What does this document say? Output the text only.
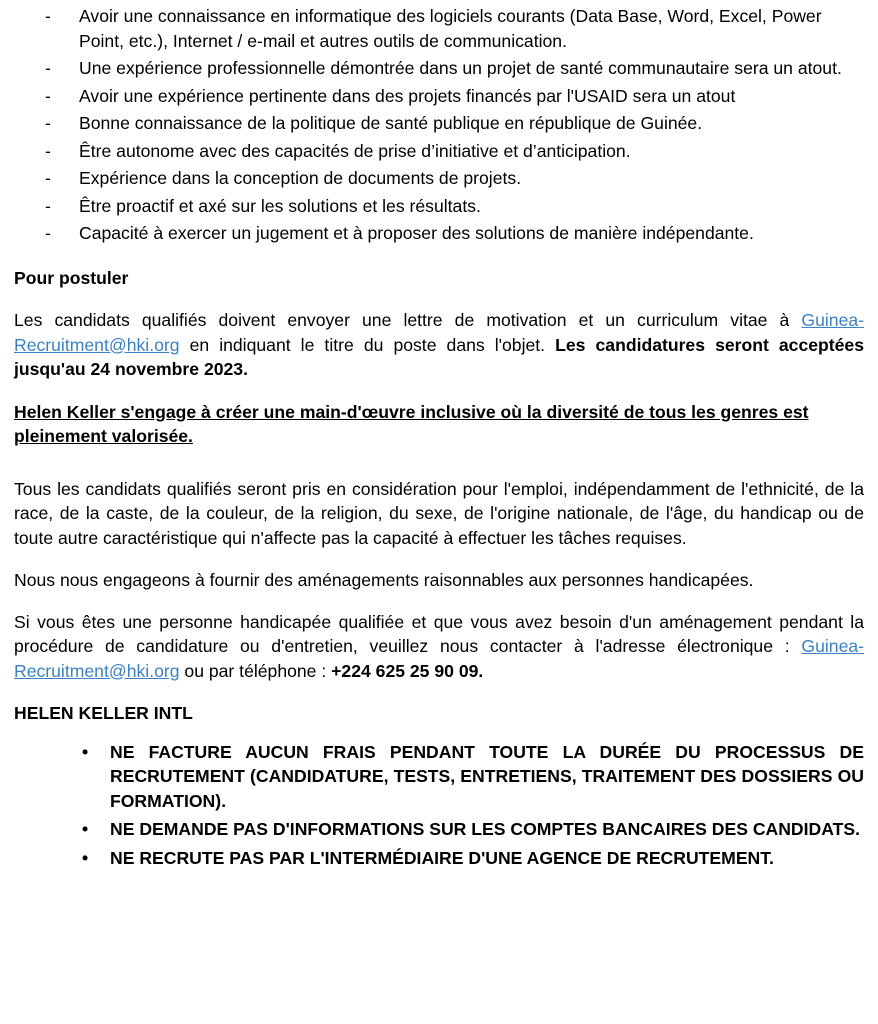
- Avoir une connaissance en informatique des logiciels courants (Data Base, Word, Excel, Power Point, etc.), Internet / e-mail et autres outils de communication.
- Une expérience professionnelle démontrée dans un projet de santé communautaire sera un atout.
- Avoir une expérience pertinente dans des projets financés par l'USAID sera un atout
- Bonne connaissance de la politique de santé publique en république de Guinée.
- Être autonome avec des capacités de prise d’initiative et d’anticipation.
- Expérience dans la conception de documents de projets.
- Être proactif et axé sur les solutions et les résultats.
- Capacité à exercer un jugement et à proposer des solutions de manière indépendante.

Pour postuler

Les candidats qualifiés doivent envoyer une lettre de motivation et un curriculum vitae à Guinea-Recruitment@hki.org en indiquant le titre du poste dans l'objet. Les candidatures seront acceptées jusqu'au 24 novembre 2023.

Helen Keller s'engage à créer une main-d'œuvre inclusive où la diversité de tous les genres est pleinement valorisée.

Tous les candidats qualifiés seront pris en considération pour l'emploi, indépendamment de l'ethnicité, de la race, de la caste, de la couleur, de la religion, du sexe, de l'origine nationale, de l'âge, du handicap ou de toute autre caractéristique qui n'affecte pas la capacité à effectuer les tâches requises.

Nous nous engageons à fournir des aménagements raisonnables aux personnes handicapées.

Si vous êtes une personne handicapée qualifiée et que vous avez besoin d'un aménagement pendant la procédure de candidature ou d'entretien, veuillez nous contacter à l'adresse électronique : Guinea-Recruitment@hki.org ou par téléphone : +224 625 25 90 09.

HELEN KELLER INTL

• NE FACTURE AUCUN FRAIS PENDANT TOUTE LA DURÉE DU PROCESSUS DE RECRUTEMENT (CANDIDATURE, TESTS, ENTRETIENS, TRAITEMENT DES DOSSIERS OU FORMATION).
• NE DEMANDE PAS D'INFORMATIONS SUR LES COMPTES BANCAIRES DES CANDIDATS.
• NE RECRUTE PAS PAR L'INTERMÉDIAIRE D'UNE AGENCE DE RECRUTEMENT.
